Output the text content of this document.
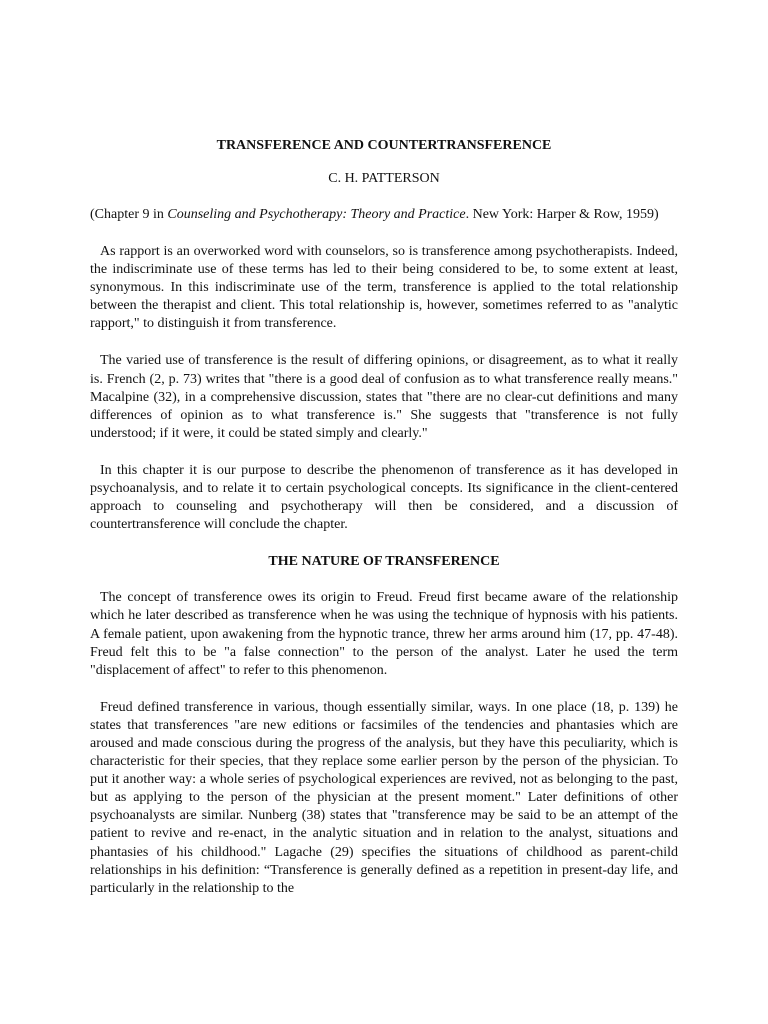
TRANSFERENCE AND COUNTERTRANSFERENCE

C. H. PATTERSON

(Chapter 9 in Counseling and Psychotherapy: Theory and Practice. New York: Harper & Row, 1959)

As rapport is an overworked word with counselors, so is transference among psychotherapists. Indeed, the indiscriminate use of these terms has led to their being considered to be, to some extent at least, synonymous. In this indiscriminate use of the term, transference is applied to the total relationship between the therapist and client. This total relationship is, however, sometimes referred to as "analytic rapport," to distinguish it from transference.

The varied use of transference is the result of differing opinions, or disagreement, as to what it really is. French (2, p. 73) writes that "there is a good deal of confusion as to what transference really means." Macalpine (32), in a comprehensive discussion, states that "there are no clear-cut definitions and many differences of opinion as to what transference is." She suggests that "transference is not fully understood; if it were, it could be stated simply and clearly."

In this chapter it is our purpose to describe the phenomenon of transference as it has developed in psychoanalysis, and to relate it to certain psychological concepts. Its significance in the client-centered approach to counseling and psychotherapy will then be considered, and a discussion of countertransference will conclude the chapter.

THE NATURE OF TRANSFERENCE

The concept of transference owes its origin to Freud. Freud first became aware of the relationship which he later described as transference when he was using the technique of hypnosis with his patients. A female patient, upon awakening from the hypnotic trance, threw her arms around him (17, pp. 47-48). Freud felt this to be "a false connection" to the person of the analyst. Later he used the term "displacement of affect" to refer to this phenomenon.

Freud defined transference in various, though essentially similar, ways. In one place (18, p. 139) he states that transferences "are new editions or facsimiles of the tendencies and phantasies which are aroused and made conscious during the progress of the analysis, but they have this peculiarity, which is characteristic for their species, that they replace some earlier person by the person of the physician. To put it another way: a whole series of psychological experiences are revived, not as belonging to the past, but as applying to the person of the physician at the present moment." Later definitions of other psychoanalysts are similar. Nunberg (38) states that "transference may be said to be an attempt of the patient to revive and re-enact, in the analytic situation and in relation to the analyst, situations and phantasies of his childhood." Lagache (29) specifies the situations of childhood as parent-child relationships in his definition: “Transference is generally defined as a repetition in present-day life, and particularly in the relationship to the
